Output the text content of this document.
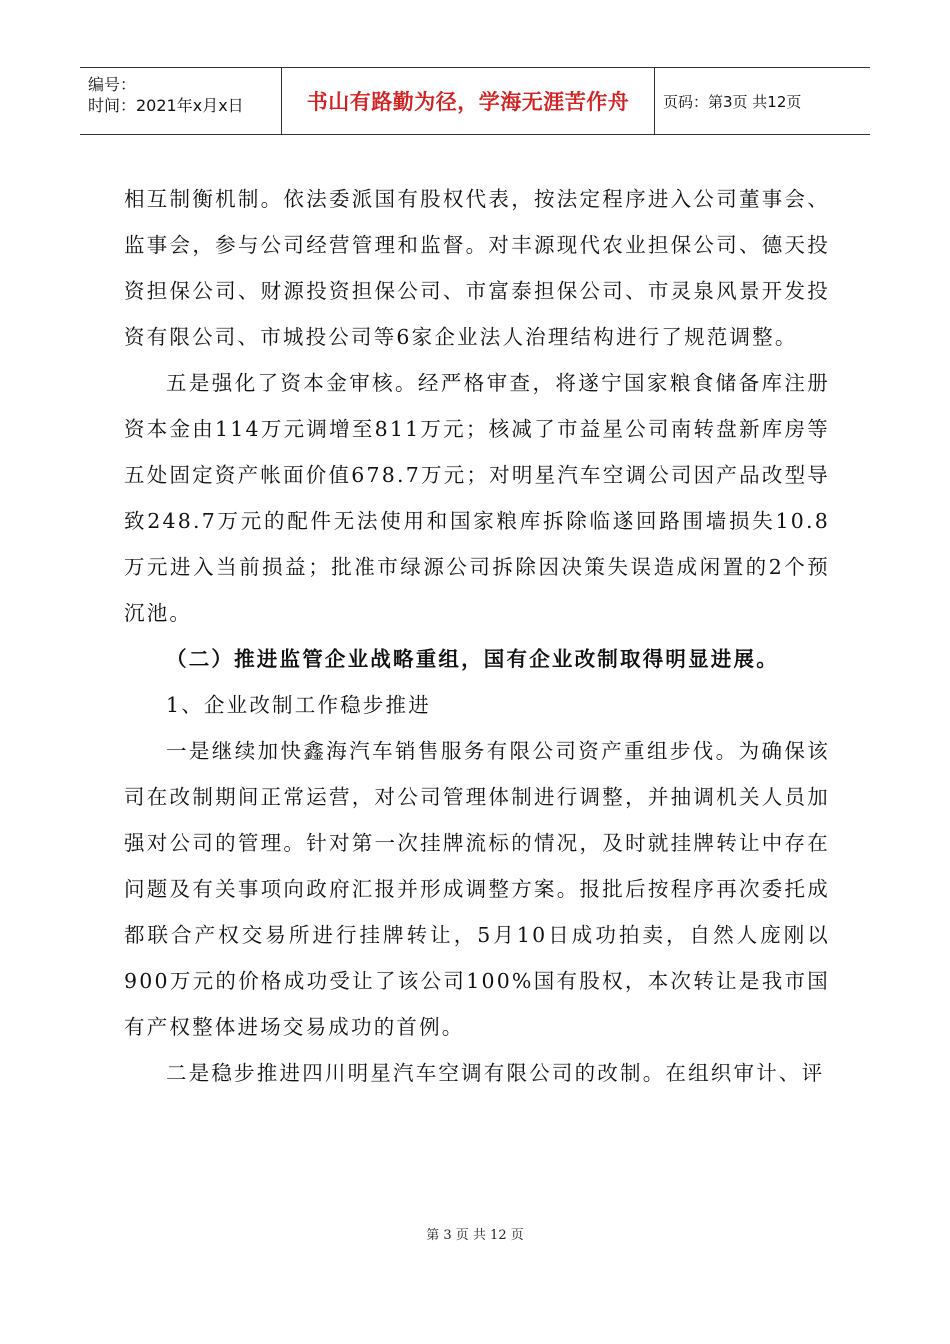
编号：
时间：2021年x月x日	书山有路勤为径，学海无涯苦作舟	页码：第3页 共12页

相互制衡机制。依法委派国有股权代表，按法定程序进入公司董事会、监事会，参与公司经营管理和监督。对丰源现代农业担保公司、德天投资担保公司、财源投资担保公司、市富泰担保公司、市灵泉风景开发投资有限公司、市城投公司等6家企业法人治理结构进行了规范调整。

五是强化了资本金审核。经严格审查，将遂宁国家粮食储备库注册资本金由114万元调增至811万元；核减了市益星公司南转盘新库房等五处固定资产帐面价值678.7万元；对明星汽车空调公司因产品改型导致248.7万元的配件无法使用和国家粮库拆除临遂回路围墙损失10.8万元进入当前损益；批准市绿源公司拆除因决策失误造成闲置的2个预沉池。

（二）推进监管企业战略重组，国有企业改制取得明显进展。

1、企业改制工作稳步推进

一是继续加快鑫海汽车销售服务有限公司资产重组步伐。为确保该司在改制期间正常运营，对公司管理体制进行调整，并抽调机关人员加强对公司的管理。针对第一次挂牌流标的情况，及时就挂牌转让中存在问题及有关事项向政府汇报并形成调整方案。报批后按程序再次委托成都联合产权交易所进行挂牌转让，5月10日成功拍卖，自然人庞刚以900万元的价格成功受让了该公司100%国有股权，本次转让是我市国有产权整体进场交易成功的首例。

二是稳步推进四川明星汽车空调有限公司的改制。在组织审计、评

第 3 页 共 12 页
